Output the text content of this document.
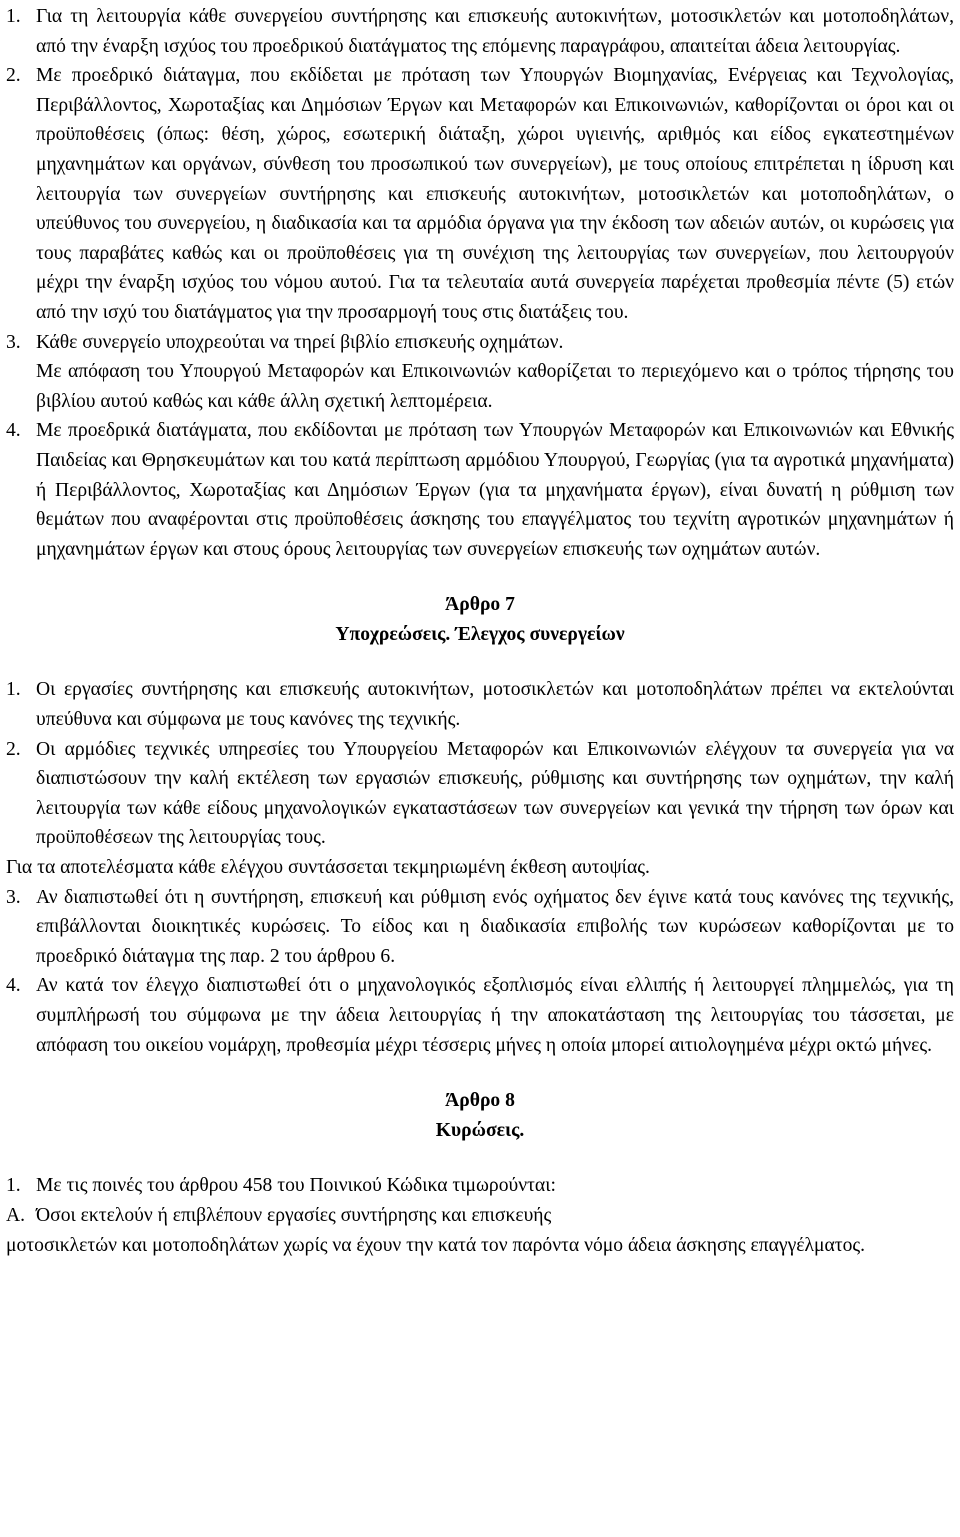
1. Για τη λειτουργία κάθε συνεργείου συντήρησης και επισκευής αυτοκινήτων, μοτοσικλετών και μοτοποδηλάτων, από την έναρξη ισχύος του προεδρικού διατάγματος της επόμενης παραγράφου, απαιτείται άδεια λειτουργίας.

2. Με προεδρικό διάταγμα, που εκδίδεται με πρόταση των Υπουργών Βιομηχανίας, Ενέργειας και Τεχνολογίας, Περιβάλλοντος, Χωροταξίας και Δημόσιων Έργων και Μεταφορών και Επικοινωνιών, καθορίζονται οι όροι και οι προϋποθέσεις (όπως: θέση, χώρος, εσωτερική διάταξη, χώροι υγιεινής, αριθμός και είδος εγκατεστημένων μηχανημάτων και οργάνων, σύνθεση του προσωπικού των συνεργείων), με τους οποίους επιτρέπεται η ίδρυση και λειτουργία των συνεργείων συντήρησης και επισκευής αυτοκινήτων, μοτοσικλετών και μοτοποδηλάτων, ο υπεύθυνος του συνεργείου, η διαδικασία και τα αρμόδια όργανα για την έκδοση των αδειών αυτών, οι κυρώσεις για τους παραβάτες καθώς και οι προϋποθέσεις για τη συνέχιση της λειτουργίας των συνεργείων, που λειτουργούν μέχρι την έναρξη ισχύος του νόμου αυτού. Για τα τελευταία αυτά συνεργεία παρέχεται προθεσμία πέντε (5) ετών από την ισχύ του διατάγματος για την προσαρμογή τους στις διατάξεις του.

3. Κάθε συνεργείο υποχρεούται να τηρεί βιβλίο επισκευής οχημάτων.

Με απόφαση του Υπουργού Μεταφορών και Επικοινωνιών καθορίζεται το περιεχόμενο και ο τρόπος τήρησης του βιβλίου αυτού καθώς και κάθε άλλη σχετική λεπτομέρεια.

4. Με προεδρικά διατάγματα, που εκδίδονται με πρόταση των Υπουργών Μεταφορών και Επικοινωνιών και Εθνικής Παιδείας και Θρησκευμάτων και του κατά περίπτωση αρμόδιου Υπουργού, Γεωργίας (για τα αγροτικά μηχανήματα) ή Περιβάλλοντος, Χωροταξίας και Δημόσιων Έργων (για τα μηχανήματα έργων), είναι δυνατή η ρύθμιση των θεμάτων που αναφέρονται στις προϋποθέσεις άσκησης του επαγγέλματος του τεχνίτη αγροτικών μηχανημάτων ή μηχανημάτων έργων και στους όρους λειτουργίας των συνεργείων επισκευής των οχημάτων αυτών.

Άρθρο 7

Υποχρεώσεις. Έλεγχος συνεργείων

1. Οι εργασίες συντήρησης και επισκευής αυτοκινήτων, μοτοσικλετών και μοτοποδηλάτων πρέπει να εκτελούνται υπεύθυνα και σύμφωνα με τους κανόνες της τεχνικής.

2. Οι αρμόδιες τεχνικές υπηρεσίες του Υπουργείου Μεταφορών και Επικοινωνιών ελέγχουν τα συνεργεία για να διαπιστώσουν την καλή εκτέλεση των εργασιών επισκευής, ρύθμισης και συντήρησης των οχημάτων, την καλή λειτουργία των κάθε είδους μηχανολογικών εγκαταστάσεων των συνεργείων και γενικά την τήρηση των όρων και προϋποθέσεων της λειτουργίας τους.

Για τα αποτελέσματα κάθε ελέγχου συντάσσεται τεκμηριωμένη έκθεση αυτοψίας.

3. Αν διαπιστωθεί ότι η συντήρηση, επισκευή και ρύθμιση ενός οχήματος δεν έγινε κατά τους κανόνες της τεχνικής, επιβάλλονται διοικητικές κυρώσεις. Το είδος και η διαδικασία επιβολής των κυρώσεων καθορίζονται με το προεδρικό διάταγμα της παρ. 2 του άρθρου 6.

4. Αν κατά τον έλεγχο διαπιστωθεί ότι ο μηχανολογικός εξοπλισμός είναι ελλιπής ή λειτουργεί πλημμελώς, για τη συμπλήρωσή του σύμφωνα με την άδεια λειτουργίας ή την αποκατάσταση της λειτουργίας του τάσσεται, με απόφαση του οικείου νομάρχη, προθεσμία μέχρι τέσσερις μήνες η οποία μπορεί αιτιολογημένα μέχρι οκτώ μήνες.

Άρθρο 8

Κυρώσεις.

1. Με τις ποινές του άρθρου 458 του Ποινικού Κώδικα τιμωρούνται:

Α. Όσοι εκτελούν ή επιβλέπουν εργασίες συντήρησης και επισκευής

μοτοσικλετών και μοτοποδηλάτων χωρίς να έχουν την κατά τον παρόντα νόμο άδεια άσκησης επαγγέλματος.
